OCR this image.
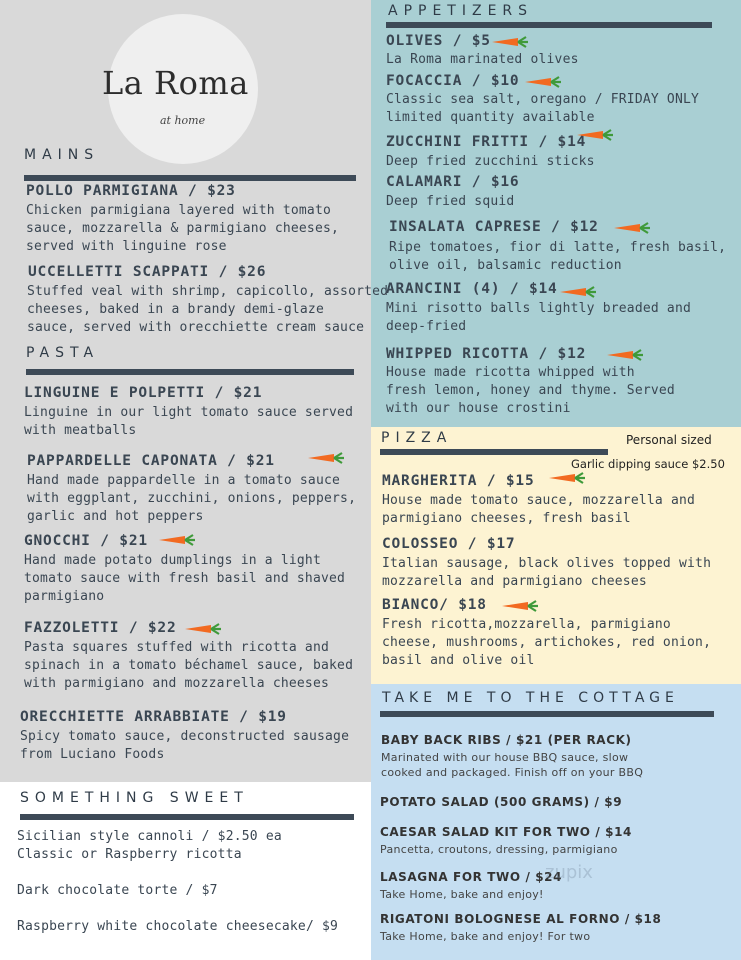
La Roma
at home
MAINS
POLLO PARMIGIANA / $23
Chicken parmigiana layered with tomato
sauce, mozzarella & parmigiano cheeses,
served with linguine rose
UCCELLETTI SCAPPATI / $26
Stuffed veal with shrimp, capicollo, assorted
cheeses, baked in a brandy demi-glaze
sauce, served with orecchiette cream sauce
PASTA
LINGUINE E POLPETTI / $21
Linguine in our light tomato sauce served
with meatballs
PAPPARDELLE CAPONATA / $21
Hand made pappardelle in a tomato sauce
with eggplant, zucchini, onions, peppers,
garlic and hot peppers
GNOCCHI / $21
Hand made potato dumplings in a light
tomato sauce with fresh basil and shaved
parmigiano
FAZZOLETTI / $22
Pasta squares stuffed with ricotta and
spinach in a tomato béchamel sauce, baked
with parmigiano and mozzarella cheeses
ORECCHIETTE ARRABBIATE / $19
Spicy tomato sauce, deconstructed sausage
from Luciano Foods
SOMETHING SWEET
Sicilian style cannoli / $2.50 ea
Classic or Raspberry ricotta
Dark chocolate torte / $7
Raspberry white chocolate cheesecake/ $9
APPETIZERS
OLIVES / $5
La Roma marinated olives
FOCACCIA / $10
Classic sea salt, oregano / FRIDAY ONLY
limited quantity available
ZUCCHINI FRITTI / $14
Deep fried zucchini sticks
CALAMARI / $16
Deep fried squid
INSALATA CAPRESE / $12
Ripe tomatoes, fior di latte, fresh basil,
olive oil, balsamic reduction
ARANCINI (4) / $14
Mini risotto balls lightly breaded and
deep-fried
WHIPPED RICOTTA / $12
House made ricotta whipped with
fresh lemon, honey and thyme. Served
with our house crostini
PIZZA	Personal sized
Garlic dipping sauce $2.50
MARGHERITA / $15
House made tomato sauce, mozzarella and
parmigiano cheeses, fresh basil
COLOSSEO / $17
Italian sausage, black olives topped with
mozzarella and parmigiano cheeses
BIANCO/ $18
Fresh ricotta,mozzarella, parmigiano
cheese, mushrooms, artichokes, red onion,
basil and olive oil
TAKE ME TO THE COTTAGE
BABY BACK RIBS / $21 (PER RACK)
Marinated with our house BBQ sauce, slow
cooked and packaged. Finish off on your BBQ
POTATO SALAD (500 GRAMS) / $9
CAESAR SALAD KIT FOR TWO / $14
Pancetta, croutons, dressing, parmigiano
LASAGNA FOR TWO / $24
Take Home, bake and enjoy!
RIGATONI BOLOGNESE AL FORNO / $18
Take Home, bake and enjoy! For two
zupix
